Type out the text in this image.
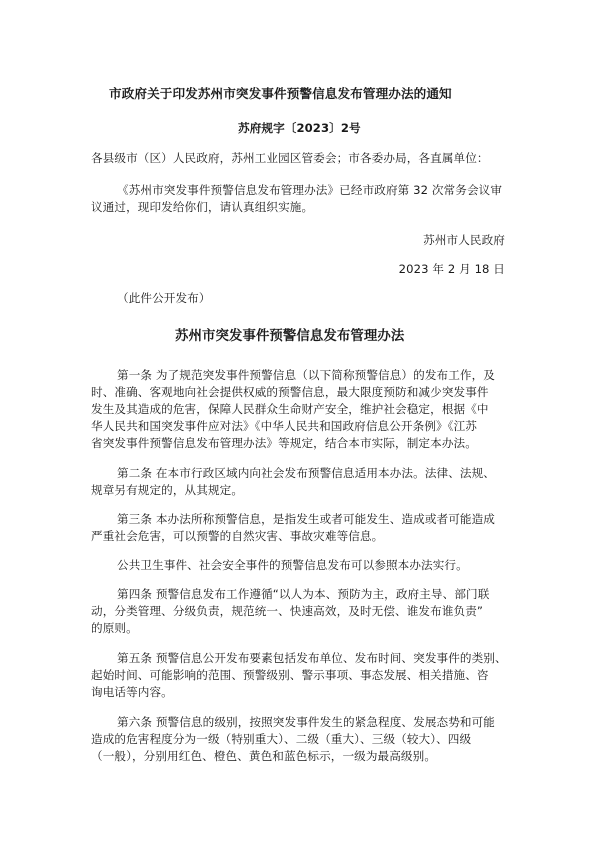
市政府关于印发苏州市突发事件预警信息发布管理办法的通知
苏府规字〔2023〕2号
各县级市（区）人民政府，苏州工业园区管委会；市各委办局，各直属单位：
《苏州市突发事件预警信息发布管理办法》已经市政府第 32 次常务会议审
议通过，现印发给你们，请认真组织实施。
苏州市人民政府
2023 年 2 月 18 日
（此件公开发布）
苏州市突发事件预警信息发布管理办法
第一条 为了规范突发事件预警信息（以下简称预警信息）的发布工作，及
时、准确、客观地向社会提供权威的预警信息，最大限度预防和减少突发事件
发生及其造成的危害，保障人民群众生命财产安全，维护社会稳定，根据《中
华人民共和国突发事件应对法》《中华人民共和国政府信息公开条例》《江苏
省突发事件预警信息发布管理办法》等规定，结合本市实际，制定本办法。
第二条 在本市行政区域内向社会发布预警信息适用本办法。法律、法规、
规章另有规定的，从其规定。
第三条 本办法所称预警信息，是指发生或者可能发生、造成或者可能造成
严重社会危害，可以预警的自然灾害、事故灾难等信息。
公共卫生事件、社会安全事件的预警信息发布可以参照本办法实行。
第四条 预警信息发布工作遵循“以人为本、预防为主，政府主导、部门联
动，分类管理、分级负责，规范统一、快速高效，及时无偿、谁发布谁负责”
的原则。
第五条 预警信息公开发布要素包括发布单位、发布时间、突发事件的类别、
起始时间、可能影响的范围、预警级别、警示事项、事态发展、相关措施、咨
询电话等内容。
第六条 预警信息的级别，按照突发事件发生的紧急程度、发展态势和可能
造成的危害程度分为一级（特别重大）、二级（重大）、三级（较大）、四级
（一般），分别用红色、橙色、黄色和蓝色标示，一级为最高级别。
